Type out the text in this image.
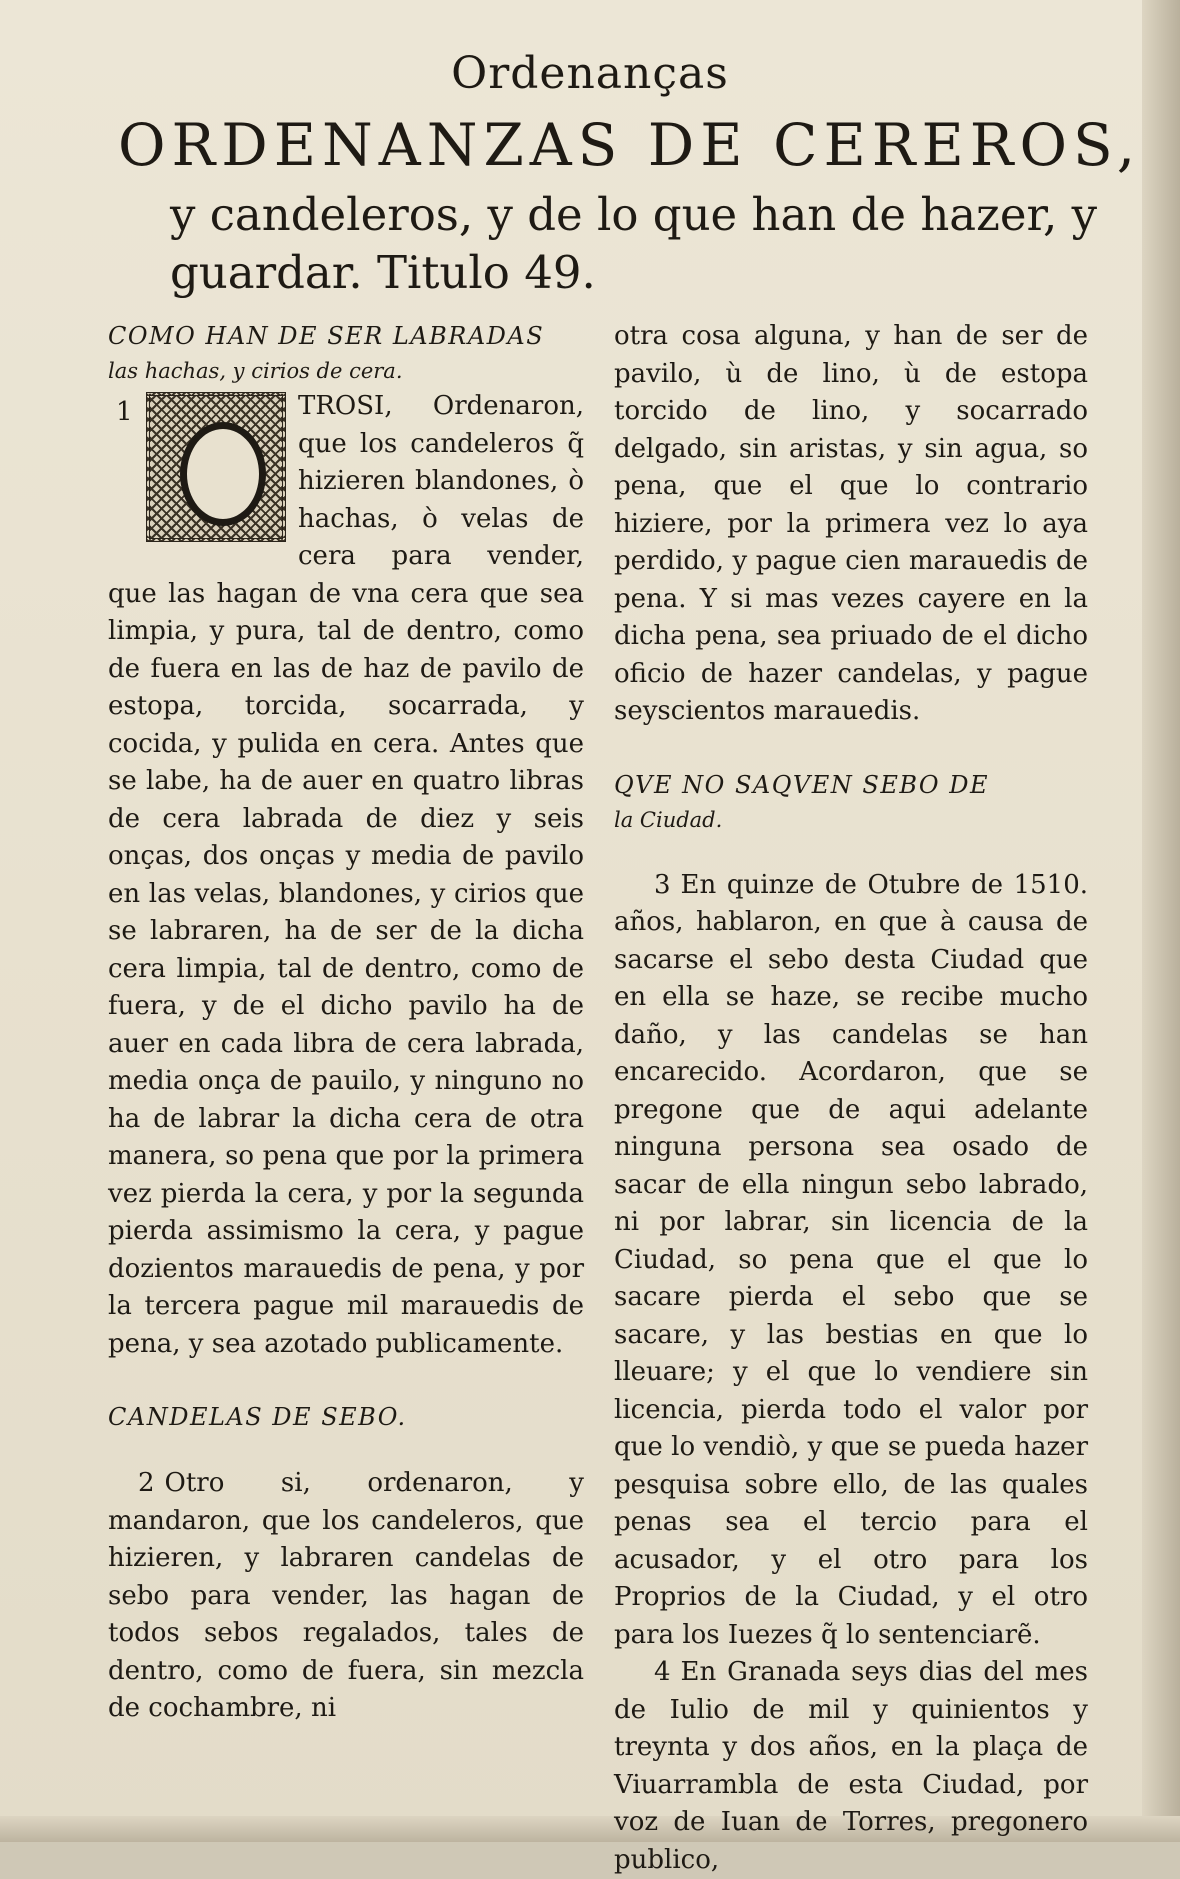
Ordenanças
ORDENANZAS DE CEREROS,
y candeleros, y de lo que han de hazer, y guardar. Titulo 49.

COMO HAN DE SER LABRADAS

las hachas, y cirios de cera.

1	TROSI, Ordenaron, que los candeleros q̃ hizieren blandones, ò hachas, ò velas de cera para vender, que las hagan de vna cera que sea limpia, y pura, tal de dentro, como de fuera en las de haz de pavilo de estopa, torcida, socarrada, y cocida, y pulida en cera. Antes que se labe, ha de auer en quatro libras de cera labrada de diez y seis onças, dos onças y media de pavilo en las velas, blandones, y cirios que se labraren, ha de ser de la dicha cera limpia, tal de dentro, como de fuera, y de el dicho pavilo ha de auer en cada libra de cera labrada, media onça de pauilo, y ninguno no ha de labrar la dicha cera de otra manera, so pena que por la primera vez pierda la cera, y por la segunda pierda assimismo la cera, y pague dozientos marauedis de pena, y por la tercera pague mil marauedis de pena, y sea azotado publicamente.

CANDELAS DE SEBO.

2 Otro si, ordenaron, y mandaron, que los candeleros, que hizieren, y labraren candelas de sebo para vender, las hagan de todos sebos regalados, tales de dentro, como de fuera, sin mezcla de cochambre, ni

otra cosa alguna, y han de ser de pavilo, ù de lino, ù de estopa torcido de lino, y socarrado delgado, sin aristas, y sin agua, so pena, que el que lo contrario hiziere, por la primera vez lo aya perdido, y pague cien marauedis de pena. Y si mas vezes cayere en la dicha pena, sea priuado de el dicho oficio de hazer candelas, y pague seyscientos marauedis.

QVE NO SAQVEN SEBO DE

la Ciudad.

3 En quinze de Otubre de 1510. años, hablaron, en que à causa de sacarse el sebo desta Ciudad que en ella se haze, se recibe mucho daño, y las candelas se han encarecido. Acordaron, que se pregone que de aqui adelante ninguna persona sea osado de sacar de ella ningun sebo labrado, ni por labrar, sin licencia de la Ciudad, so pena que el que lo sacare pierda el sebo que se sacare, y las bestias en que lo lleuare; y el que lo vendiere sin licencia, pierda todo el valor por que lo vendiò, y que se pueda hazer pesquisa sobre ello, de las quales penas sea el tercio para el acusador, y el otro para los Proprios de la Ciudad, y el otro para los Iuezes q̃ lo sentenciarẽ.

4 En Granada seys dias del mes de Iulio de mil y quinientos y treynta y dos años, en la plaça de Viuarrambla de esta Ciudad, por voz de Iuan de Torres, pregonero publico,
